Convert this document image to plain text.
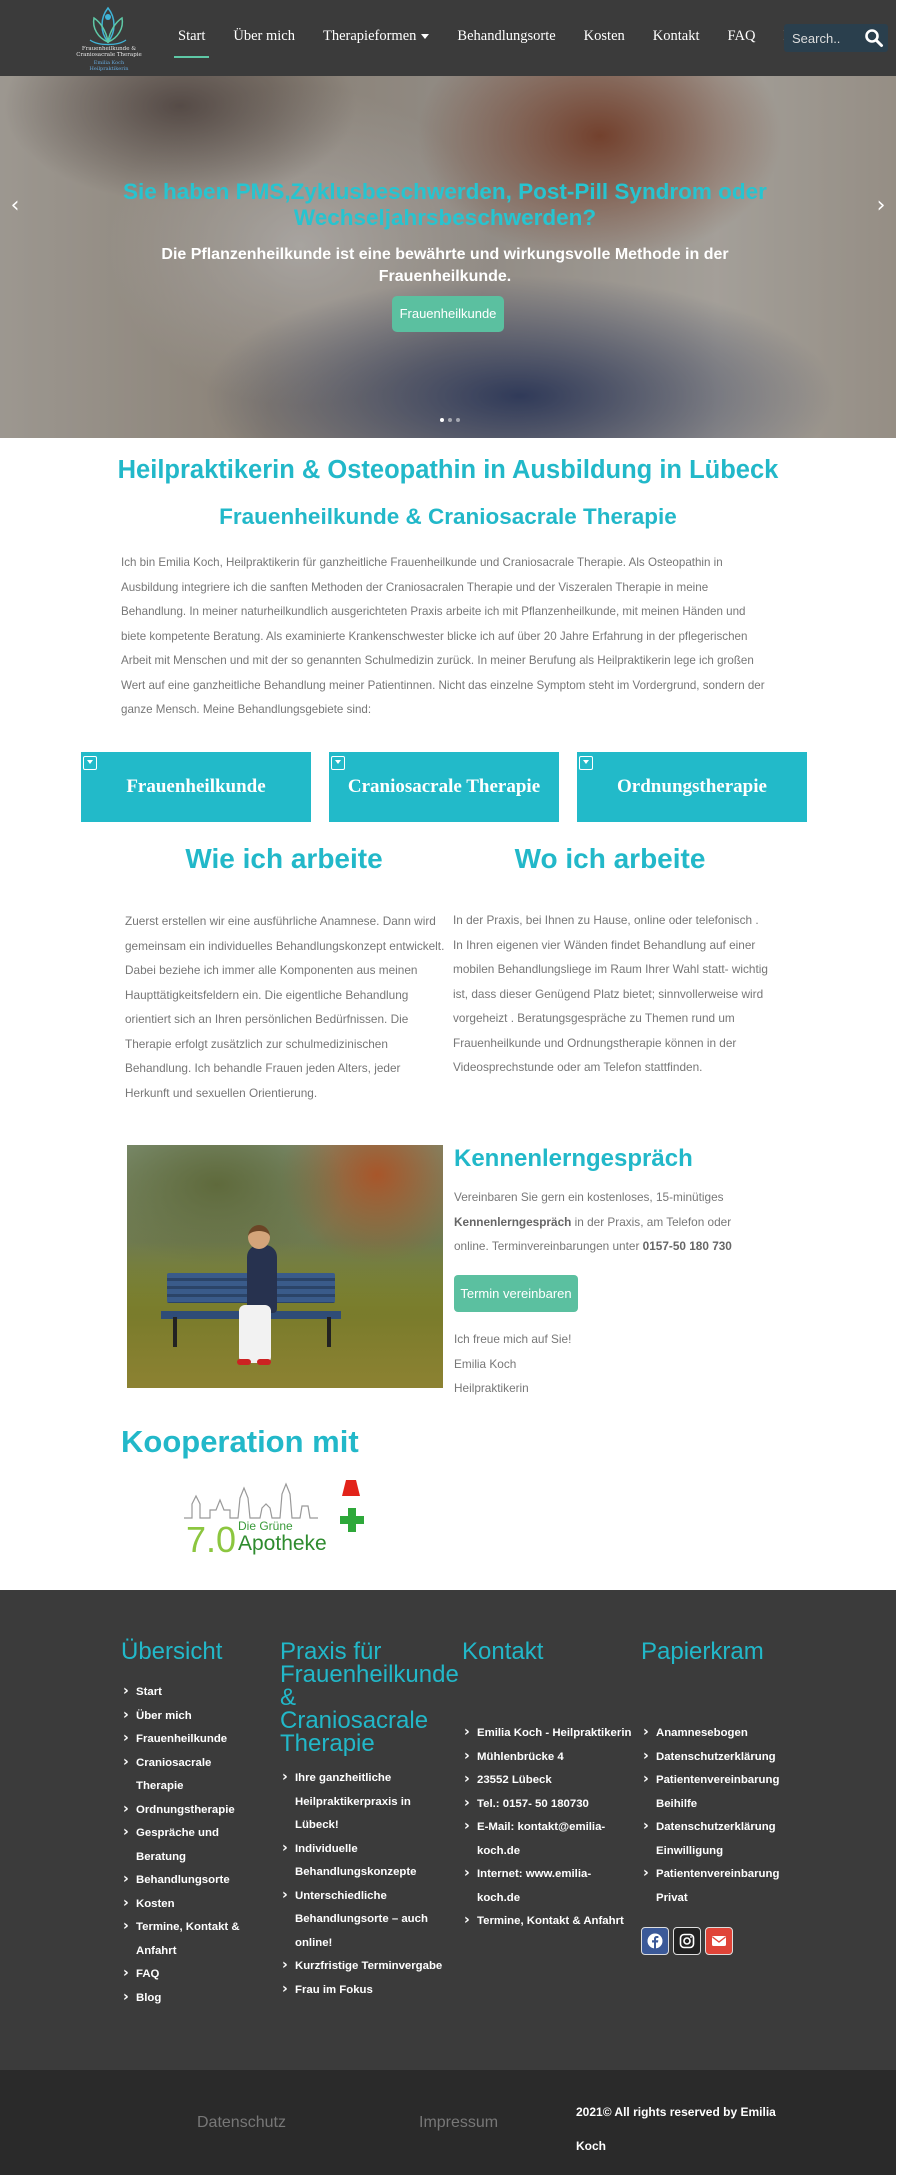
Frauenheilkunde &
Craniosacrale Therapie
Emilia Koch Heilpraktikerin
Start Über mich Therapieformen	Behandlungsorte Kosten Kontakt FAQ
Search..
‹	›
Sie haben PMS,Zyklusbeschwerden, Post-Pill Syndrom oder Wechseljahrsbeschwerden?

Die Pflanzenheilkunde ist eine bewährte und wirkungsvolle Methode in der Frauenheilkunde.

Frauenheilkunde
Heilpraktikerin & Osteopathin in Ausbildung in Lübeck
Frauenheilkunde & Craniosacrale Therapie

Ich bin Emilia Koch, Heilpraktikerin für ganzheitliche Frauenheilkunde und Craniosacrale Therapie. Als Osteopathin in Ausbildung integriere ich die sanften Methoden der Craniosacralen Therapie und der Viszeralen Therapie in meine Behandlung. In meiner naturheilkundlich ausgerichteten Praxis arbeite ich mit Pflanzenheilkunde, mit meinen Händen und biete kompetente Beratung. Als examinierte Krankenschwester blicke ich auf über 20 Jahre Erfahrung in der pflegerischen Arbeit mit Menschen und mit der so genannten Schulmedizin zurück. In meiner Berufung als Heilpraktikerin lege ich großen Wert auf eine ganzheitliche Behandlung meiner Patientinnen. Nicht das einzelne Symptom steht im Vordergrund, sondern der ganze Mensch. Meine Behandlungsgebiete sind:

Frauenheilkunde	Craniosacrale Therapie	Ordnungstherapie
Wie ich arbeite

Zuerst erstellen wir eine ausführliche Anamnese. Dann wird gemeinsam ein individuelles Behandlungskonzept entwickelt. Dabei beziehe ich immer alle Komponenten aus meinen Haupttätigkeitsfeldern ein. Die eigentliche Behandlung orientiert sich an Ihren persönlichen Bedürfnissen. Die Therapie erfolgt zusätzlich zur schulmedizinischen Behandlung. Ich behandle Frauen jeden Alters, jeder Herkunft und sexuellen Orientierung.

Wo ich arbeite

In der Praxis, bei Ihnen zu Hause, online oder telefonisch . In Ihren eigenen vier Wänden findet Behandlung auf einer mobilen Behandlungsliege im Raum Ihrer Wahl statt- wichtig ist, dass dieser Genügend Platz bietet; sinnvollerweise wird vorgeheizt . Beratungsgespräche zu Themen rund um Frauenheilkunde und Ordnungstherapie können in der Videosprechstunde oder am Telefon stattfinden.

Kennenlerngespräch

Vereinbaren Sie gern ein kostenloses, 15-minütiges Kennenlerngespräch in der Praxis, am Telefon oder online. Terminvereinbarungen unter 0157-50 180 730

Termin vereinbaren
Ich freue mich auf Sie!
Emilia Koch
Heilpraktikerin
Kooperation mit
7.0 Die Grüne
Apotheke
Übersicht
› Start
› Über mich
› Frauenheilkunde
› Craniosacrale Therapie
› Ordnungstherapie
› Gespräche und Beratung
› Behandlungsorte
› Kosten
› Termine, Kontakt & Anfahrt
› FAQ
› Blog
Praxis für Frauenheilkunde & Craniosacrale Therapie
› Ihre ganzheitliche Heilpraktikerpraxis in Lübeck!
› Individuelle Behandlungskonzepte
› Unterschiedliche Behandlungsorte – auch online!
› Kurzfristige Terminvergabe
› Frau im Fokus
Kontakt
› Emilia Koch - Heilpraktikerin
› Mühlenbrücke 4
› 23552 Lübeck
› Tel.: 0157- 50 180730
› E-Mail: kontakt@emilia-koch.de
› Internet: www.emilia-koch.de
› Termine, Kontakt & Anfahrt
Papierkram
› Anamnesebogen
› Datenschutzerklärung
› Patientenvereinbarung Beihilfe
› Datenschutzerklärung Einwilligung
› Patientenvereinbarung Privat
Datenschutz	Impressum
2021© All rights reserved by Emilia Koch
